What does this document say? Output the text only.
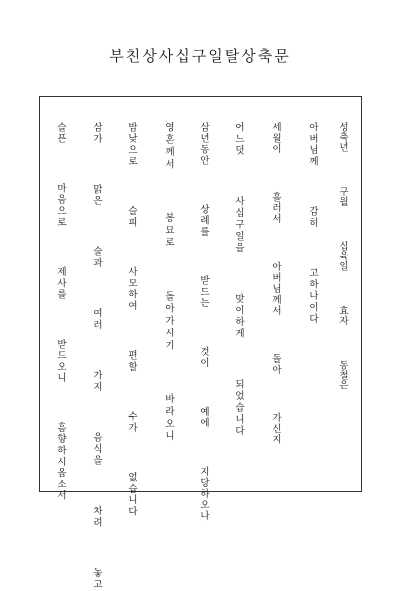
부친상사십구일탈상축문
성축년   구월   십육일   효자   동철은
아버님께   감히   고하나이다
세월이   흘러서   아버님께서   돌아   가신지
어느덧   사십구일을   맞이하게   되었습니다
삼년동안   상례를   받드는   것이   예에   지당하오나
영혼께서   봉묘로   돌아가시기   바라오니
밤낮으로   슬피   사모하여   편할   수가   없습니다
삼가   맑은   술과   여러   가지   음식을   차려   놓고
슬픈   마음으로   제사를   받드오니   흠향하시옵소서
